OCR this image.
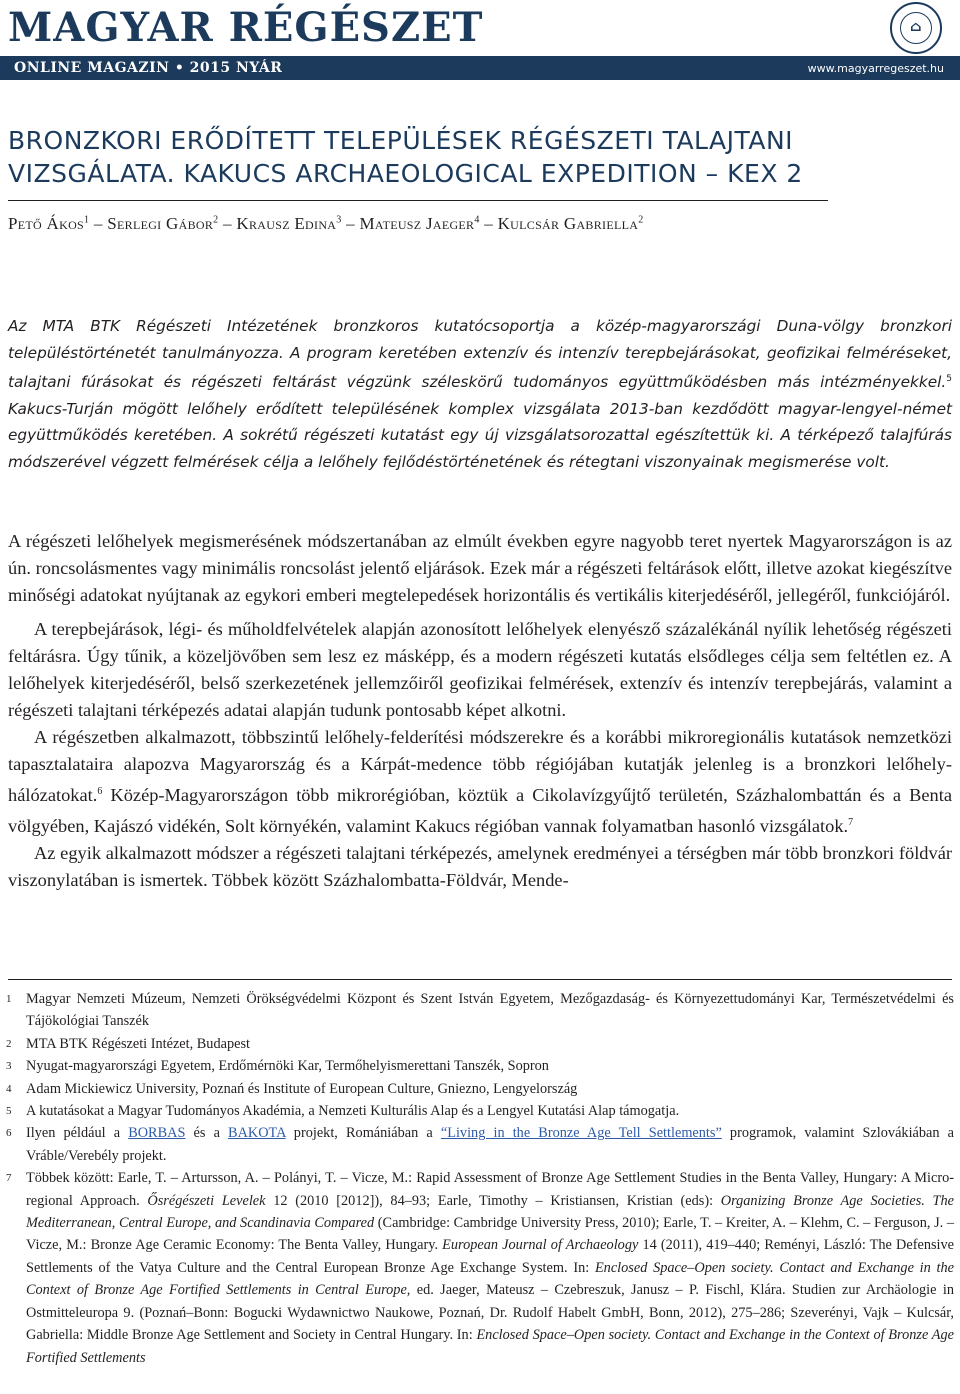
MAGYAR RÉGÉSZET	⌂
ONLINE MAGAZIN • 2015 NYÁR	www.magyarregeszet.hu
BRONZKORI ERŐDÍTETT TELEPÜLÉSEK RÉGÉSZETI TALAJTANI
VIZSGÁLATA. KAKUCS ARCHAEOLOGICAL EXPEDITION – KEX 2
Pető Ákos$^1$ – Serlegi Gábor$^2$ – Krausz Edina$^3$ – Mateusz Jaeger$^4$ – Kulcsár Gabriella$^2$
Az MTA BTK Régészeti Intézetének bronzkoros kutatócsoportja a közép-magyarországi Duna-völgy bronzkori településtörténetét tanulmányozza. A program keretében extenzív és intenzív terepbejárásokat, geofizikai felméréseket, talajtani fúrásokat és régészeti feltárást végzünk széleskörű tudományos együttműködésben más intézményekkel.$^5$ Kakucs-Turján mögött lelőhely erődített településének komplex vizsgálata 2013-ban kezdődött magyar-lengyel-német együttműködés keretében. A sokrétű régészeti kutatást egy új vizsgálatsorozattal egészítettük ki. A térképező talajfúrás módszerével végzett felmérések célja a lelőhely fejlődéstörténetének és rétegtani viszonyainak megismerése volt.

A régészeti lelőhelyek megismerésének módszertanában az elmúlt években egyre nagyobb teret nyertek Magyarországon is az ún. roncsolásmentes vagy minimális roncsolást jelentő eljárások. Ezek már a régészeti feltárások előtt, illetve azokat kiegészítve minőségi adatokat nyújtanak az egykori emberi megtelepedések horizontális és vertikális kiterjedéséről, jellegéről, funkciójáról.

A terepbejárások, légi- és műholdfelvételek alapján azonosított lelőhelyek elenyésző százalékánál nyílik lehetőség régészeti feltárásra. Úgy tűnik, a közeljövőben sem lesz ez másképp, és a modern régészeti kutatás elsődleges célja sem feltétlen ez. A lelőhelyek kiterjedéséről, belső szerkezetének jellemzőiről geofizikai felmérések, extenzív és intenzív terepbejárás, valamint a régészeti talajtani térképezés adatai alapján tudunk pontosabb képet alkotni.

A régészetben alkalmazott, többszintű lelőhely-felderítési módszerekre és a korábbi mikroregionális kutatások nemzetközi tapasztalataira alapozva Magyarország és a Kárpát-medence több régiójában kutatják jelenleg is a bronzkori lelőhely-hálózatokat.$^6$ Közép-Magyarországon több mikrorégióban, köztük a Cikolavízgyűjtő területén, Százhalombattán és a Benta völgyében, Kajászó vidékén, Solt környékén, valamint Kakucs régióban vannak folyamatban hasonló vizsgálatok.$^7$

Az egyik alkalmazott módszer a régészeti talajtani térképezés, amelynek eredményei a térségben már több bronzkori földvár viszonylatában is ismertek. Többek között Százhalombatta-Földvár, Mende-

1 Magyar Nemzeti Múzeum, Nemzeti Örökségvédelmi Központ és Szent István Egyetem, Mezőgazdaság- és Környezettudományi Kar, Természetvédelmi és Tájökológiai Tanszék
2 MTA BTK Régészeti Intézet, Budapest
3 Nyugat-magyarországi Egyetem, Erdőmérnöki Kar, Termőhelyismerettani Tanszék, Sopron
4 Adam Mickiewicz University, Poznań és Institute of European Culture, Gniezno, Lengyelország
5 A kutatásokat a Magyar Tudományos Akadémia, a Nemzeti Kulturális Alap és a Lengyel Kutatási Alap támogatja.
6 Ilyen például a BORBAS és a BAKOTA projekt, Romániában a “Living in the Bronze Age Tell Settlements” programok, valamint Szlovákiában a Vráble/Verebély projekt.
7 Többek között: Earle, T. – Artursson, A. – Polányi, T. – Vicze, M.: Rapid Assessment of Bronze Age Settlement Studies in the Benta Valley, Hungary: A Micro-regional Approach. Ősrégészeti Levelek 12 (2010 [2012]), 84–93; Earle, Timothy – Kristiansen, Kristian (eds): Organizing Bronze Age Societies. The Mediterranean, Central Europe, and Scandinavia Compared (Cambridge: Cambridge University Press, 2010); Earle, T. – Kreiter, A. – Klehm, C. – Ferguson, J. – Vicze, M.: Bronze Age Ceramic Economy: The Benta Valley, Hungary. European Journal of Archaeology 14 (2011), 419–440; Reményi, László: The Defensive Settlements of the Vatya Culture and the Central European Bronze Age Exchange System. In: Enclosed Space–Open society. Contact and Exchange in the Context of Bronze Age Fortified Settlements in Central Europe, ed. Jaeger, Mateusz – Czebreszuk, Janusz – P. Fischl, Klára. Studien zur Archäologie in Ostmitteleuropa 9. (Poznań–Bonn: Bogucki Wydawnictwo Naukowe, Poznań, Dr. Rudolf Habelt GmbH, Bonn, 2012), 275–286; Szeverényi, Vajk – Kulcsár, Gabriella: Middle Bronze Age Settlement and Society in Central Hungary. In: Enclosed Space–Open society. Contact and Exchange in the Context of Bronze Age Fortified Settlements
